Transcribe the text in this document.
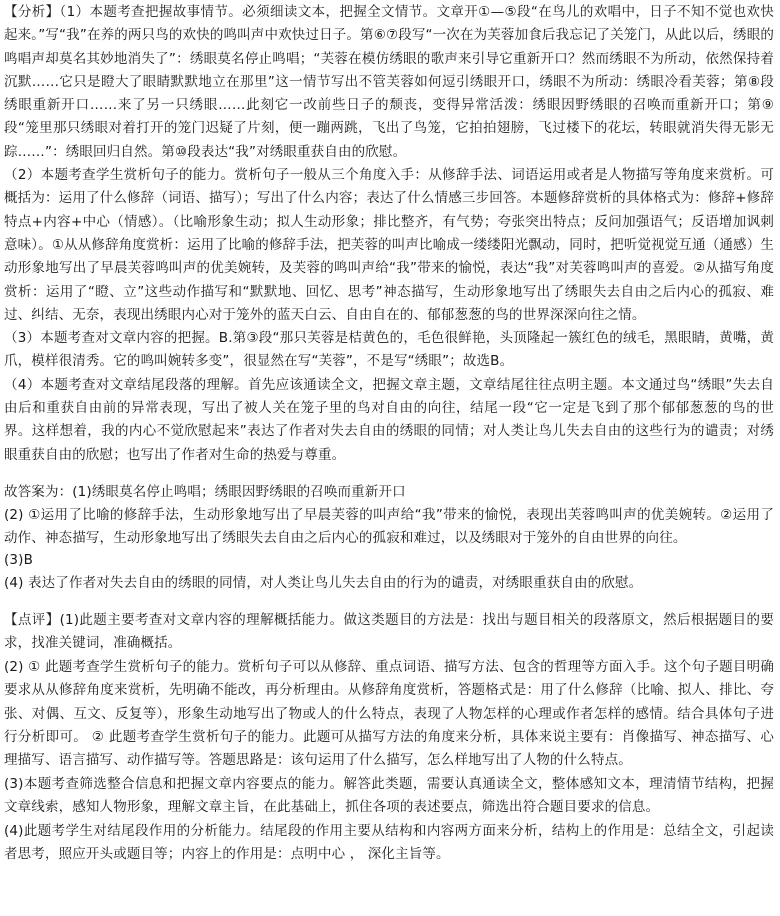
【分析】（1）本题考查把握故事情节。必须细读文本，把握全文情节。文章开①—⑤段“在鸟儿的欢唱中，日子不知不觉也欢快起来。”写“我”在养的两只鸟的欢快的鸣叫声中欢快过日子。第⑥⑦段写“一次在为芙蓉加食后我忘记了关笼门，从此以后，绣眼的鸣唱声却莫名其妙地消失了”：绣眼莫名停止鸣唱；“芙蓉在模仿绣眼的歌声来引导它重新开口？然而绣眼不为所动，依然保持着沉默……它只是瞪大了眼睛默默地立在那里”这一情节写出不管芙蓉如何逗引绣眼开口，绣眼不为所动：绣眼冷看芙蓉；第⑧段绣眼重新开口……来了另一只绣眼……此刻它一改前些日子的颓丧，变得异常活泼：绣眼因野绣眼的召唤而重新开口；第⑨段“笼里那只绣眼对着打开的笼门迟疑了片刻，便一蹦两跳，飞出了鸟笼，它拍拍翅膀，飞过楼下的花坛，转眼就消失得无影无踪……”：绣眼回归自然。第⑩段表达“我”对绣眼重获自由的欣慰。

（2）本题考查学生赏析句子的能力。赏析句子一般从三个角度入手：从修辞手法、词语运用或者是人物描写等角度来赏析。可概括为：运用了什么修辞（词语、描写）；写出了什么内容；表达了什么情感三步回答。本题修辞赏析的具体格式为：修辞+修辞特点+内容+中心（情感）。（比喻形象生动；拟人生动形象；排比整齐，有气势；夸张突出特点；反问加强语气；反语增加讽刺意味）。①从从修辞角度赏析：运用了比喻的修辞手法，把芙蓉的叫声比喻成一缕缕阳光飘动，同时，把听觉视觉互通（通感）生动形象地写出了早晨芙蓉鸣叫声的优美婉转，及芙蓉的鸣叫声给“我”带来的愉悦，表达“我”对芙蓉鸣叫声的喜爱。②从描写角度赏析：运用了“瞪、立”这些动作描写和“默默地、回忆、思考”神态描写，生动形象地写出了绣眼失去自由之后内心的孤寂、难过、纠结、无奈，表现出绣眼内心对于笼外的蓝天白云、自由自在的、郁郁葱葱的鸟的世界深深向往之情。

（3）本题考查对文章内容的把握。B.第③段“那只芙蓉是桔黄色的，毛色很鲜艳，头顶隆起一簇红色的绒毛，黑眼睛，黄嘴，黄爪，模样很清秀。它的鸣叫婉转多变”，很显然在写“芙蓉”，不是写“绣眼”；故选B。

（4）本题考查对文章结尾段落的理解。首先应该通读全文，把握文章主题，文章结尾往往点明主题。本文通过鸟“绣眼”失去自由后和重获自由前的异常表现，写出了被人关在笼子里的鸟对自由的向往，结尾一段“它一定是飞到了那个郁郁葱葱的鸟的世界。这样想着，我的内心不觉欣慰起来”表达了作者对失去自由的绣眼的同情；对人类让鸟儿失去自由的这些行为的谴责；对绣眼重获自由的欣慰；也写出了作者对生命的热爱与尊重。

故答案为：(1)绣眼莫名停止鸣唱；绣眼因野绣眼的召唤而重新开口

(2) ①运用了比喻的修辞手法，生动形象地写出了早晨芙蓉的叫声给“我”带来的愉悦，表现出芙蓉鸣叫声的优美婉转。②运用了动作、神态描写，生动形象地写出了绣眼失去自由之后内心的孤寂和难过，以及绣眼对于笼外的自由世界的向往。

(3)B

(4) 表达了作者对失去自由的绣眼的同情，对人类让鸟儿失去自由的行为的谴责，对绣眼重获自由的欣慰。

【点评】(1)此题主要考查对文章内容的理解概括能力。做这类题目的方法是：找出与题目相关的段落原文，然后根据题目的要求，找准关键词，准确概括。

(2) ① 此题考查学生赏析句子的能力。赏析句子可以从修辞、重点词语、描写方法、包含的哲理等方面入手。这个句子题目明确要求从从修辞角度来赏析，先明确不能改，再分析理由。从修辞角度赏析，答题格式是：用了什么修辞（比喻、拟人、排比、夸张、对偶、互文、反复等），形象生动地写出了物或人的什么特点，表现了人物怎样的心理或作者怎样的感情。结合具体句子进行分析即可。 ② 此题考查学生赏析句子的能力。此题可从描写方法的角度来分析，具体来说主要有：肖像描写、神态描写、心理描写、语言描写、动作描写等。答题思路是：该句运用了什么描写，怎么样地写出了人物的什么特点。

(3)本题考查筛选整合信息和把握文章内容要点的能力。解答此类题，需要认真通读全文，整体感知文本，理清情节结构，把握文章线索，感知人物形象，理解文章主旨，在此基础上，抓住各项的表述要点，筛选出符合题目要求的信息。

(4)此题考学生对结尾段作用的分析能力。结尾段的作用主要从结构和内容两方面来分析，结构上的作用是：总结全文，引起读者思考，照应开头或题目等；内容上的作用是：点明中心 ， 深化主旨等。
